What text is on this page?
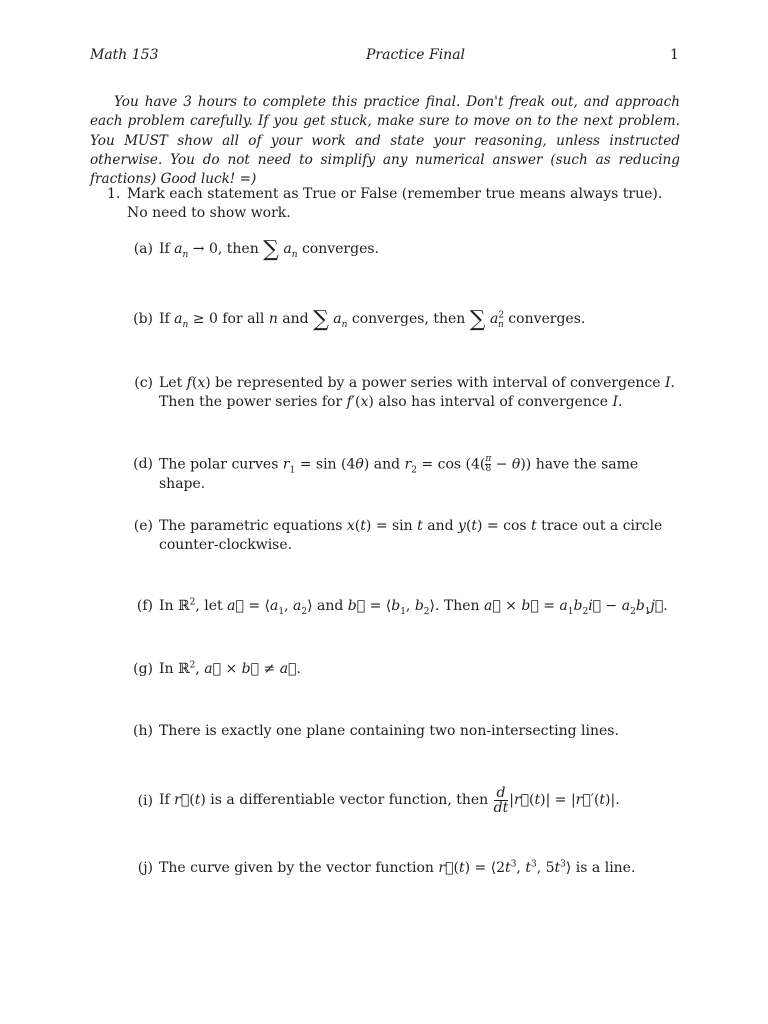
Math 153	Practice Final	1
You have 3 hours to complete this practice final. Don't freak out, and approach each problem carefully. If you get stuck, make sure to move on to the next problem. You MUST show all of your work and state your reasoning, unless instructed otherwise. You do not need to simplify any numerical answer (such as reducing fractions) Good luck! =)
1. Mark each statement as True or False (remember true means always true). No need to show work.
(a) If $a_n \to 0$, then ∑ $a_n$ converges.
(b) If $a_n \ge 0$ for all n and ∑ $a_n$ converges, then ∑ $a^2_n$ converges.
(c) Let f(x) be represented by a power series with interval of convergence I. Then the power series for f′(x) also has interval of convergence I.
(d) The polar curves $r_1 = \sin (4\theta)$ and $r_2 = \cos (4( \frac{\pi}{8} - \theta))$ have the same shape.
(e) The parametric equations x(t) = sin t and y(t) = cos t trace out a circle counter-clockwise.
(f) In ℝ$^2$, let a⃗ = $⟨a_1$, $a_2⟩$ and b⃗ = $⟨b_1$, $b_2⟩$. Then a⃗ × b⃗ = $a_1b_2i⃗$ − $a_2b_1j⃗$.
(g) In ℝ$^2$, a⃗ × b⃗ ≠ a⃗.
(h) There is exactly one plane containing two non-intersecting lines.
(i) If r⃗(t) is a differentiable vector function, then $\frac{d}{dt}$ |r⃗(t)| = |r⃗′(t)|.
(j) The curve given by the vector function r⃗(t) = $⟨2t^3$, $t^3$, $5t^3⟩$ is a line.
